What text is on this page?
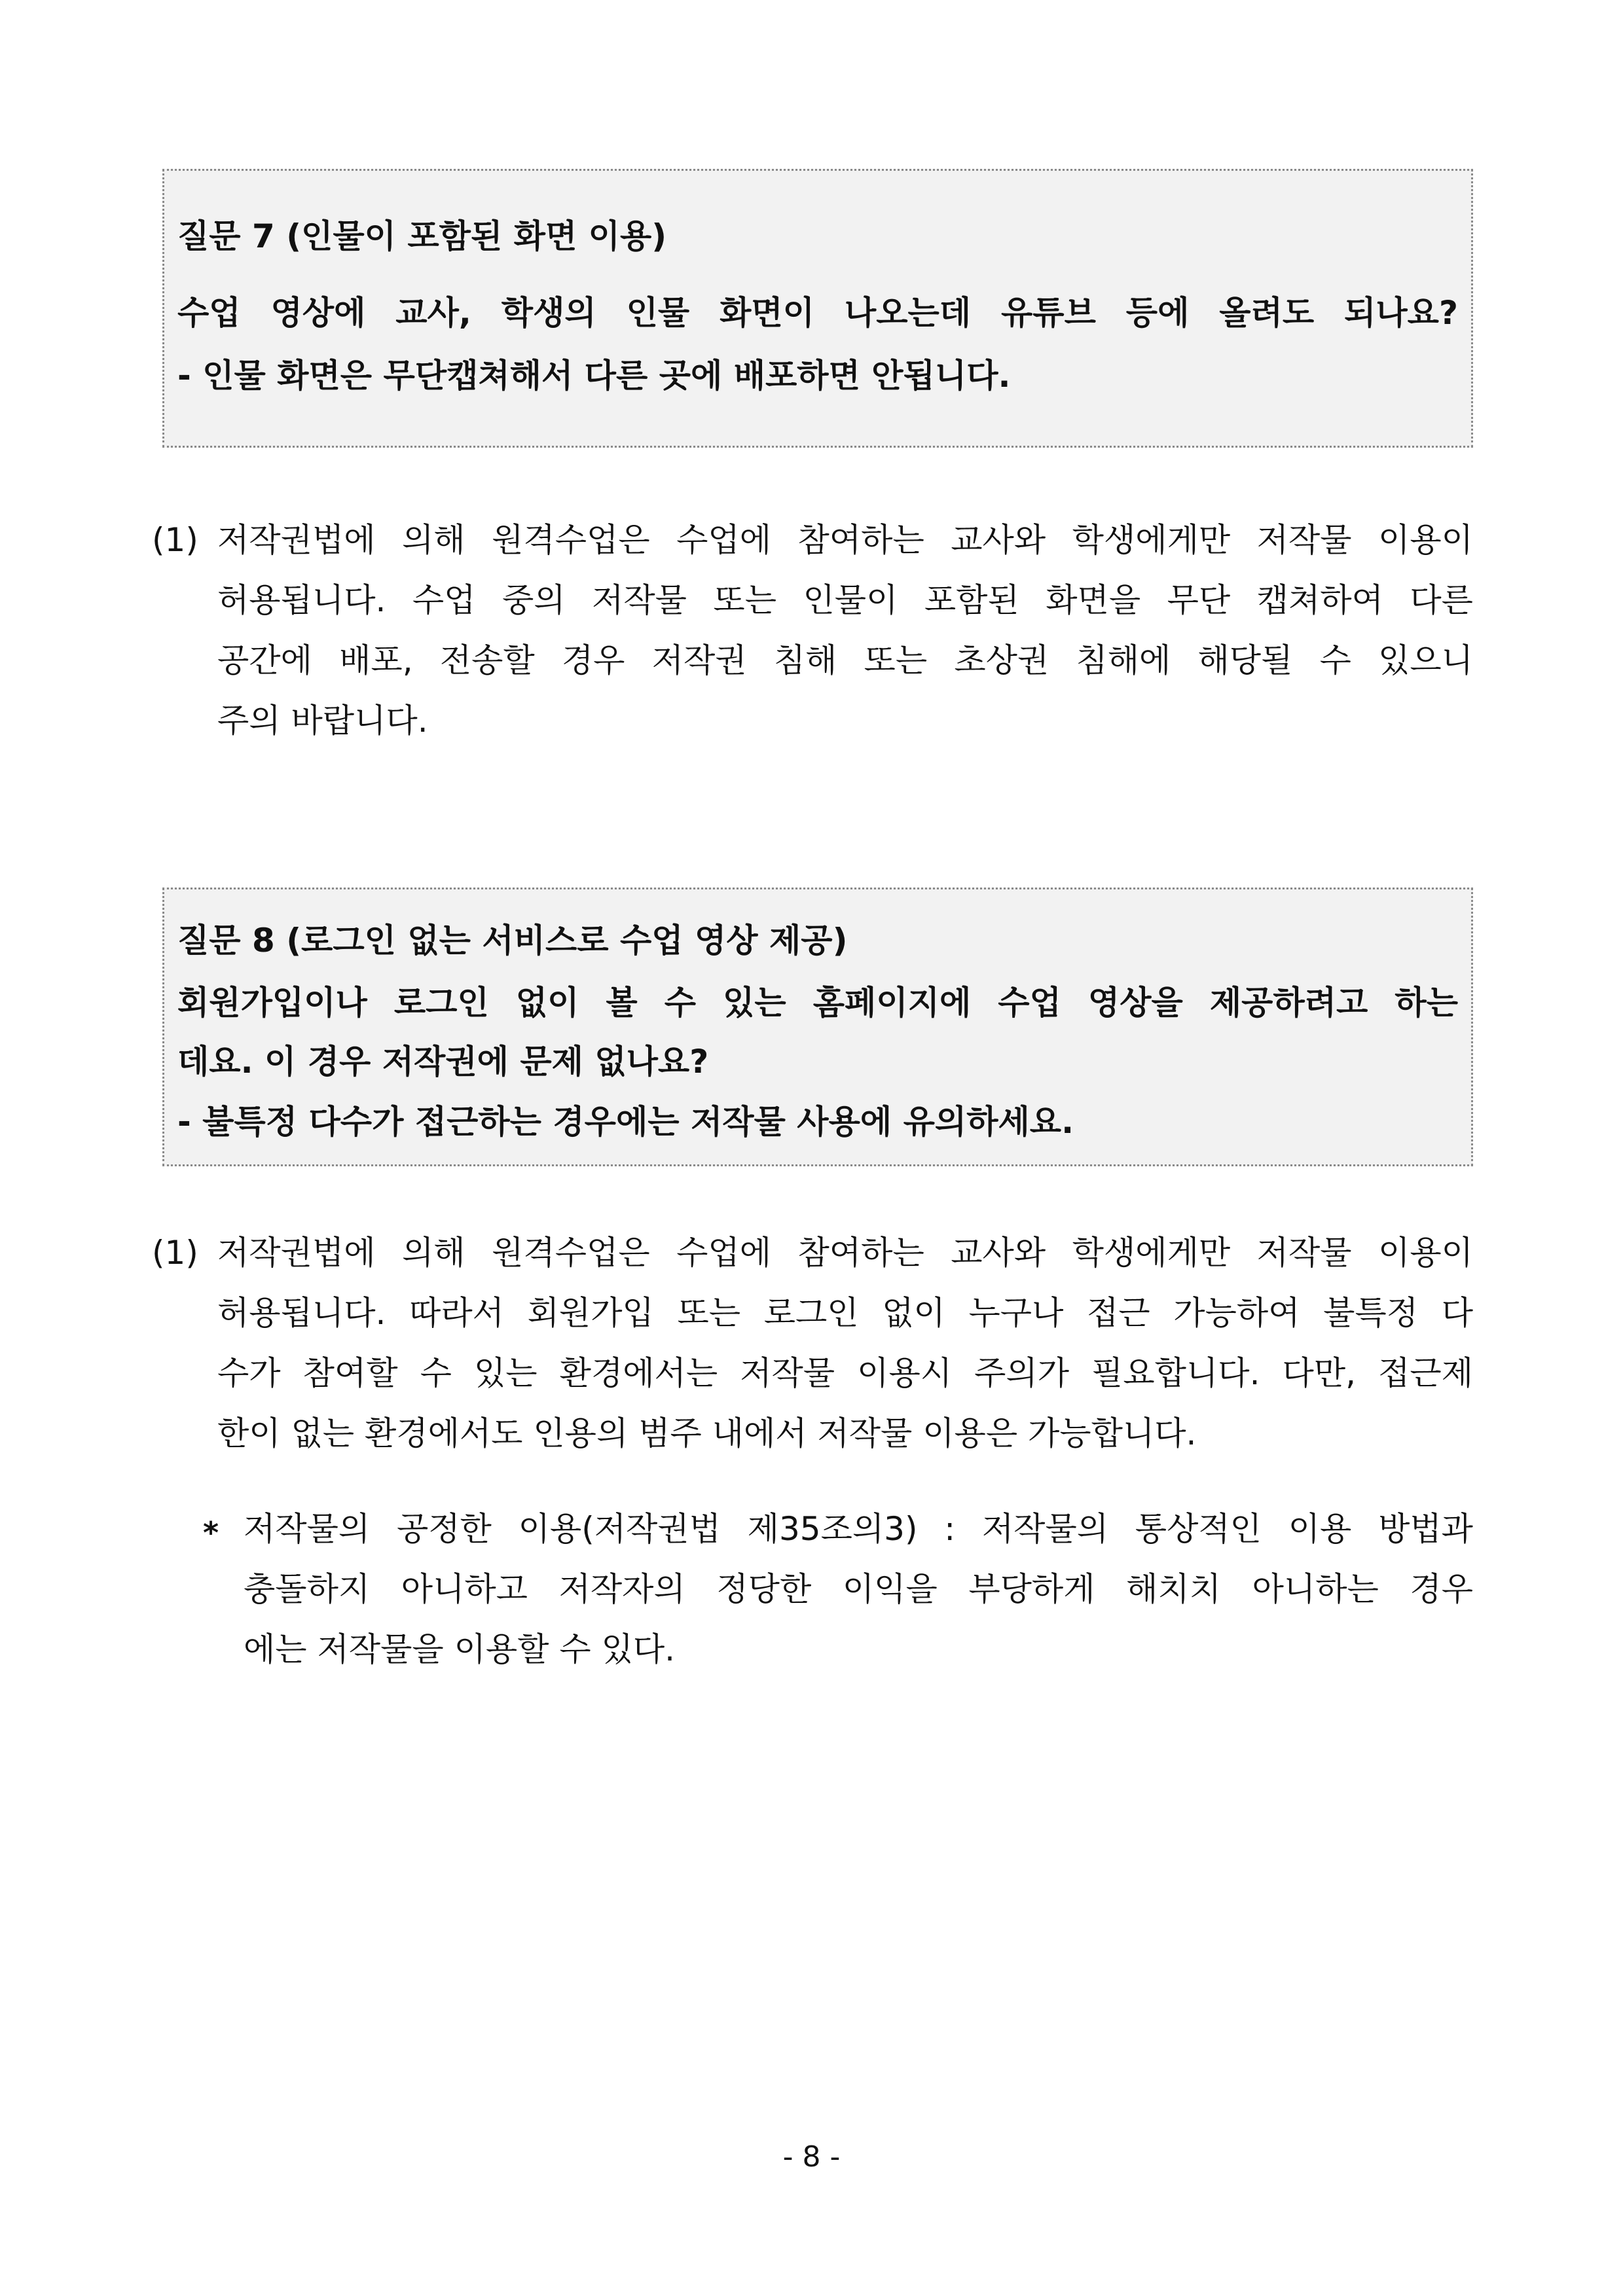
질문 7 (인물이 포함된 화면 이용)
수업 영상에 교사, 학생의 인물 화면이 나오는데 유튜브 등에 올려도 되나요?
- 인물 화면은 무단캡쳐해서 다른 곳에 배포하면 안됩니다.
(1) 저작권법에 의해 원격수업은 수업에 참여하는 교사와 학생에게만 저작물 이용이
허용됩니다. 수업 중의 저작물 또는 인물이 포함된 화면을 무단 캡쳐하여 다른
공간에 배포, 전송할 경우 저작권 침해 또는 초상권 침해에 해당될 수 있으니
주의 바랍니다.
질문 8 (로그인 없는 서비스로 수업 영상 제공)
회원가입이나 로그인 없이 볼 수 있는 홈페이지에 수업 영상을 제공하려고 하는
데요. 이 경우 저작권에 문제 없나요?
- 불특정 다수가 접근하는 경우에는 저작물 사용에 유의하세요.
(1) 저작권법에 의해 원격수업은 수업에 참여하는 교사와 학생에게만 저작물 이용이
허용됩니다. 따라서 회원가입 또는 로그인 없이 누구나 접근 가능하여 불특정 다
수가 참여할 수 있는 환경에서는 저작물 이용시 주의가 필요합니다. 다만, 접근제
한이 없는 환경에서도 인용의 범주 내에서 저작물 이용은 가능합니다.
* 저작물의 공정한 이용(저작권법 제35조의3) : 저작물의 통상적인 이용 방법과
충돌하지 아니하고 저작자의 정당한 이익을 부당하게 해치치 아니하는 경우
에는 저작물을 이용할 수 있다.
- 8 -
